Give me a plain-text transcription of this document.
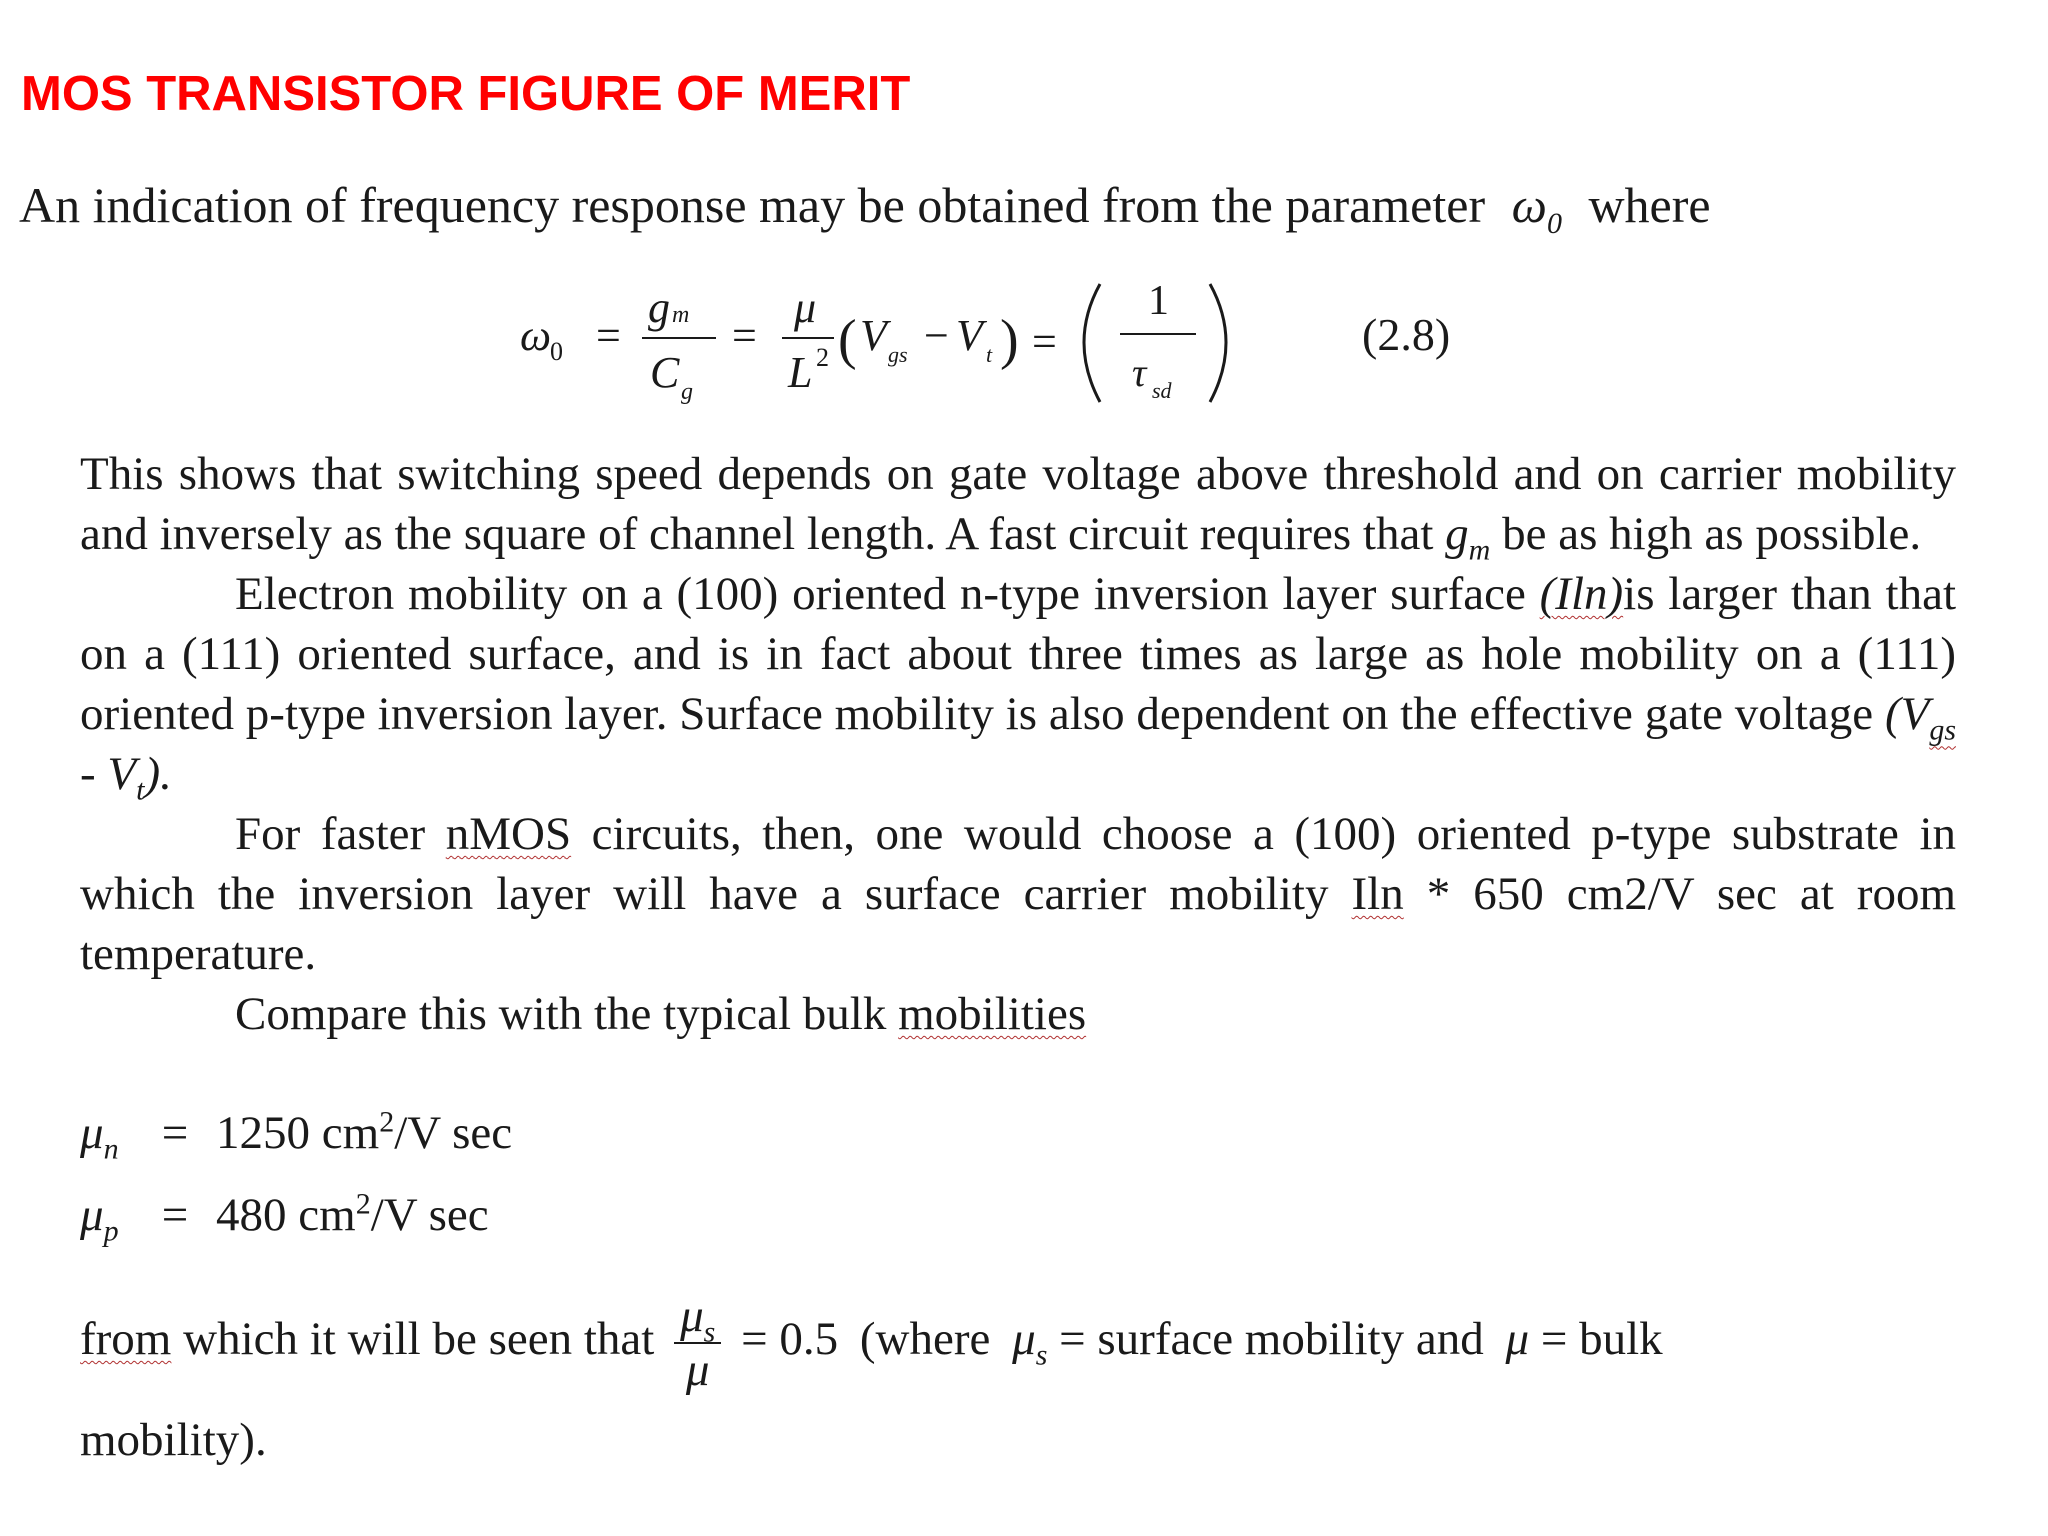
MOS TRANSISTOR FIGURE OF MERIT
An indication of frequency response may be obtained from the parameter $\omega_0$ where
ω
0 =
g m
C g
=
μ
L 2 ( V gs − V t ) =
1
τ sd
(2.8)

This shows that switching speed depends on gate voltage above threshold and on carrier mobility and inversely as the square of channel length. A fast circuit requires that $g_m$ be as high as possible.

Electron mobility on a (100) oriented n-type inversion layer surface (Iln)is larger than that on a (111) oriented surface, and is in fact about three times as large as hole mobility on a (111) oriented p-type inversion layer. Surface mobility is also dependent on the effective gate voltage $(V_{gs} - V_t)$.

For faster nMOS circuits, then, one would choose a (100) oriented p-type substrate in which the inversion layer will have a surface carrier mobility Iln * 650 cm2/V sec at room temperature.

Compare this with the typical bulk mobilities

$\mu_n = 1250$ $cm^2/V$ sec
$\mu_p = 480$ $cm^2/V$ sec
from which it will be seen that $\frac{\mu_s}{\mu} = 0.5$ (where $\mu_s$ = surface mobility and μ = bulk
mobility).
